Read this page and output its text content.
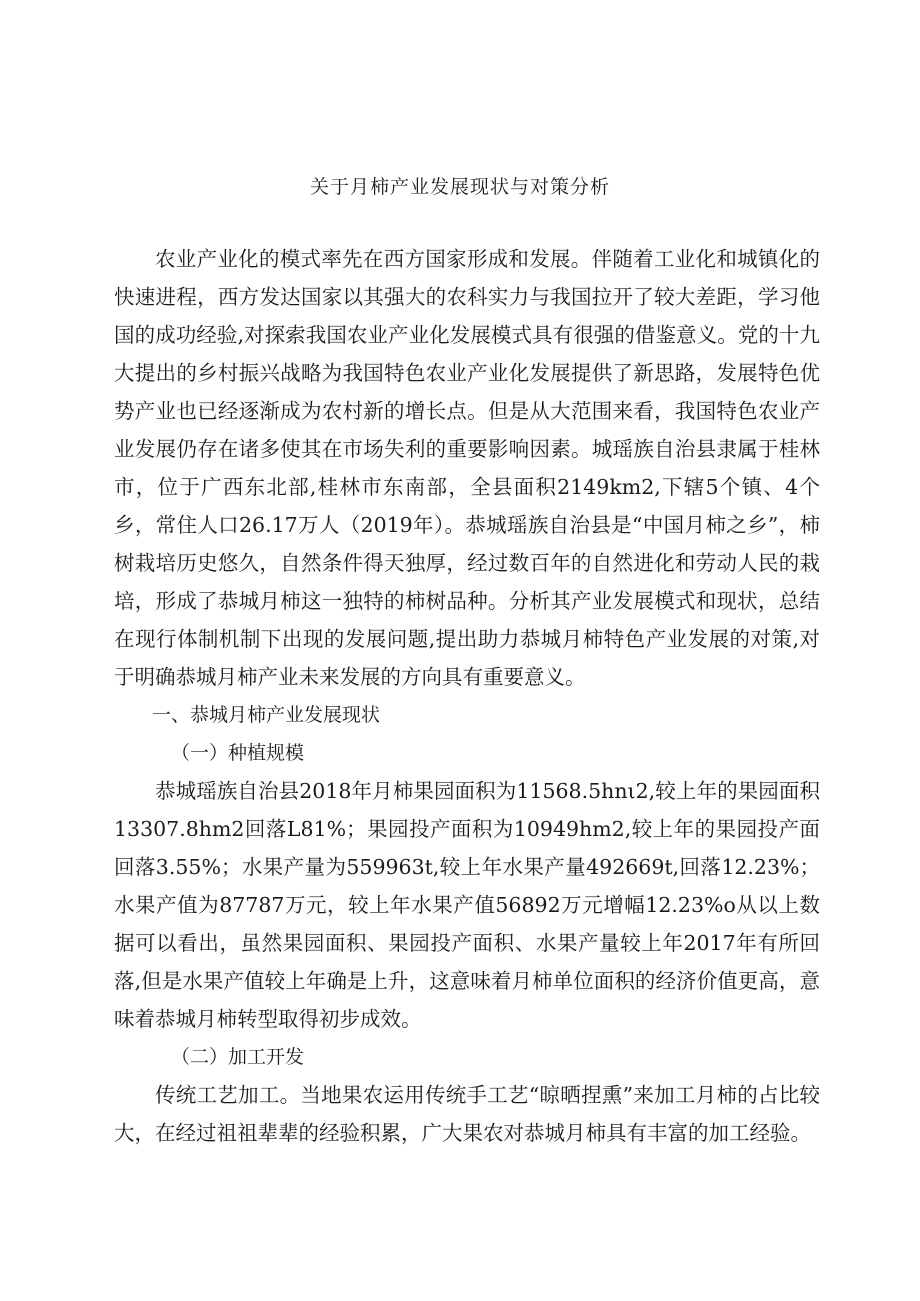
关于月柿产业发展现状与对策分析

农业产业化的模式率先在西方国家形成和发展。伴随着工业化和城镇化的快速进程，西方发达国家以其强大的农科实力与我国拉开了较大差距，学习他国的成功经验,对探索我国农业产业化发展模式具有很强的借鉴意义。党的十九大提出的乡村振兴战略为我国特色农业产业化发展提供了新思路，发展特色优势产业也已经逐渐成为农村新的增长点。但是从大范围来看，我国特色农业产业发展仍存在诸多使其在市场失利的重要影响因素。城瑶族自治县隶属于桂林市，位于广西东北部,桂林市东南部，全县面积2149km2,下辖5个镇、4个乡，常住人口26.17万人（2019年）。恭城瑶族自治县是“中国月柿之乡”，柿树栽培历史悠久，自然条件得天独厚，经过数百年的自然进化和劳动人民的栽培，形成了恭城月柿这一独特的柿树品种。分析其产业发展模式和现状，总结在现行体制机制下出现的发展问题,提出助力恭城月柿特色产业发展的对策,对于明确恭城月柿产业未来发展的方向具有重要意义。

一、恭城月柿产业发展现状

（一）种植规模

恭城瑶族自治县2018年月柿果园面积为11568.5hnι2,较上年的果园面积13307.8hm2回落L81%；果园投产面积为10949hm2,较上年的果园投产面回落3.55%；水果产量为559963t,较上年水果产量492669t,回落12.23%；水果产值为87787万元，较上年水果产值56892万元增幅12.23%o从以上数据可以看出，虽然果园面积、果园投产面积、水果产量较上年2017年有所回落,但是水果产值较上年确是上升，这意味着月柿单位面积的经济价值更高，意味着恭城月柿转型取得初步成效。

（二）加工开发

传统工艺加工。当地果农运用传统手工艺“晾晒捏熏”来加工月柿的占比较大，在经过祖祖辈辈的经验积累，广大果农对恭城月柿具有丰富的加工经验。
